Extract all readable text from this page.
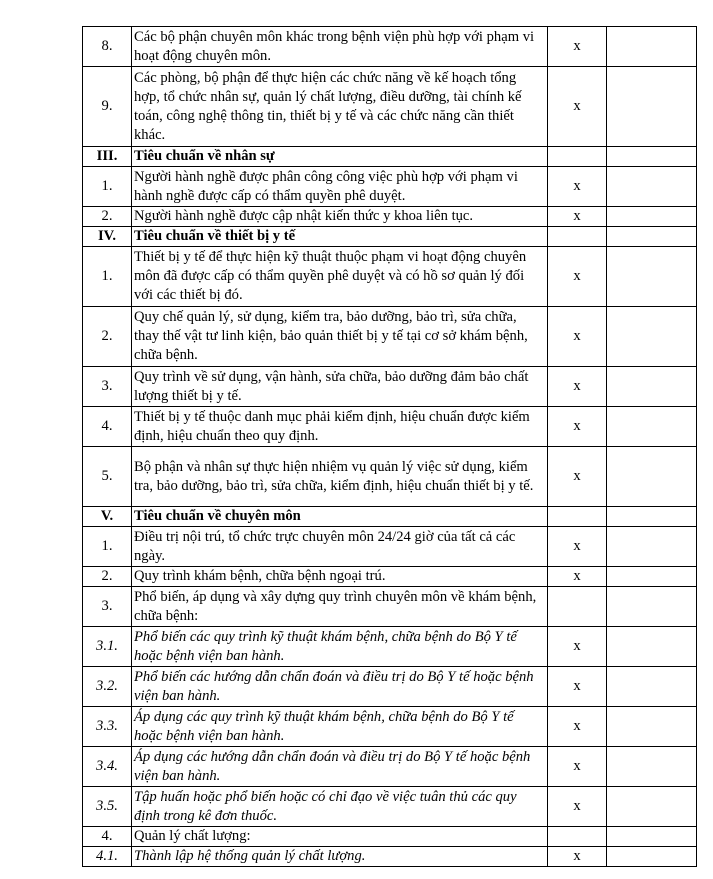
8.	Các bộ phận chuyên môn khác trong bệnh viện phù hợp với phạm vi hoạt động chuyên môn.	x	
9.	Các phòng, bộ phận để thực hiện các chức năng về kế hoạch tổng hợp, tổ chức nhân sự, quản lý chất lượng, điều dưỡng, tài chính kế toán, công nghệ thông tin, thiết bị y tế và các chức năng cần thiết khác.	x	
III.	Tiêu chuẩn về nhân sự		
1.	Người hành nghề được phân công công việc phù hợp với phạm vi hành nghề được cấp có thẩm quyền phê duyệt.	x	
2.	Người hành nghề được cập nhật kiến thức y khoa liên tục.	x	
IV.	Tiêu chuẩn về thiết bị y tế		
1.	Thiết bị y tế để thực hiện kỹ thuật thuộc phạm vi hoạt động chuyên môn đã được cấp có thẩm quyền phê duyệt và có hồ sơ quản lý đối với các thiết bị đó.	x	
2.	Quy chế quản lý, sử dụng, kiểm tra, bảo dưỡng, bảo trì, sửa chữa, thay thế vật tư linh kiện, bảo quản thiết bị y tế tại cơ sở khám bệnh, chữa bệnh.	x	
3.	Quy trình về sử dụng, vận hành, sửa chữa, bảo dưỡng đảm bảo chất lượng thiết bị y tế.	x	
4.	Thiết bị y tế thuộc danh mục phải kiểm định, hiệu chuẩn được kiểm định, hiệu chuẩn theo quy định.	x	
5.	Bộ phận và nhân sự thực hiện nhiệm vụ quản lý việc sử dụng, kiểm tra, bảo dưỡng, bảo trì, sửa chữa, kiểm định, hiệu chuẩn thiết bị y tế.	x	
V.	Tiêu chuẩn về chuyên môn		
1.	Điều trị nội trú, tổ chức trực chuyên môn 24/24 giờ của tất cả các ngày.	x	
2.	Quy trình khám bệnh, chữa bệnh ngoại trú.	x	
3.	Phổ biến, áp dụng và xây dựng quy trình chuyên môn về khám bệnh, chữa bệnh:		
3.1.	Phổ biến các quy trình kỹ thuật khám bệnh, chữa bệnh do Bộ Y tế hoặc bệnh viện ban hành.	x	
3.2.	Phổ biến các hướng dẫn chẩn đoán và điều trị do Bộ Y tế hoặc bệnh viện ban hành.	x	
3.3.	Áp dụng các quy trình kỹ thuật khám bệnh, chữa bệnh do Bộ Y tế hoặc bệnh viện ban hành.	x	
3.4.	Áp dụng các hướng dẫn chẩn đoán và điều trị do Bộ Y tế hoặc bệnh viện ban hành.	x	
3.5.	Tập huấn hoặc phổ biến hoặc có chỉ đạo về việc tuân thủ các quy định trong kê đơn thuốc.	x	
4.	Quản lý chất lượng:		
4.1.	Thành lập hệ thống quản lý chất lượng.	x	
